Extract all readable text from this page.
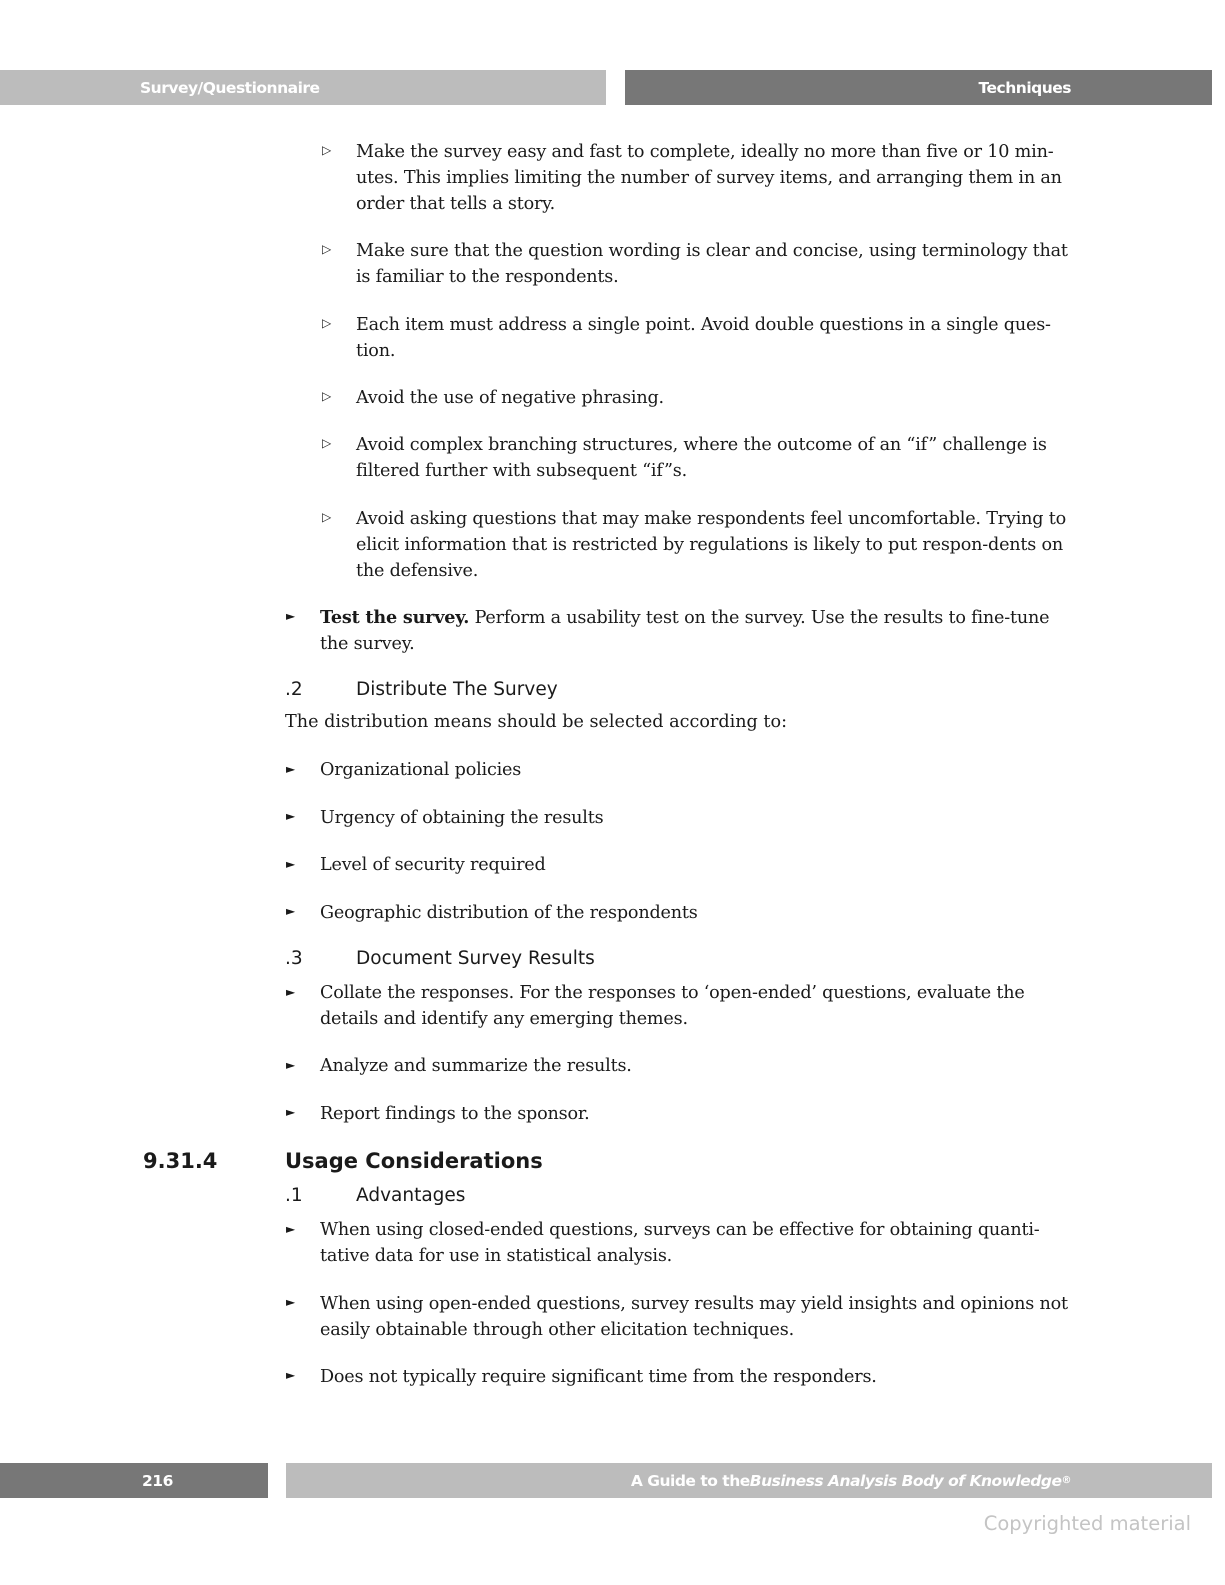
Survey/Questionnaire	Techniques
▷ Make the survey easy and fast to complete, ideally no more than five or 10 min-utes. This implies limiting the number of survey items, and arranging them in an order that tells a story.
▷ Make sure that the question wording is clear and concise, using terminology that is familiar to the respondents.
▷ Each item must address a single point. Avoid double questions in a single ques-tion.
▷ Avoid the use of negative phrasing.
▷ Avoid complex branching structures, where the outcome of an “if” challenge is filtered further with subsequent “if”s.
▷ Avoid asking questions that may make respondents feel uncomfortable. Trying to elicit information that is restricted by regulations is likely to put respon-dents on the defensive.
► Test the survey. Perform a usability test on the survey. Use the results to fine-tune the survey.
.2	Distribute The Survey
The distribution means should be selected according to:
► Organizational policies
► Urgency of obtaining the results
► Level of security required
► Geographic distribution of the respondents
.3	Document Survey Results
► Collate the responses. For the responses to ‘open-ended’ questions, evaluate the details and identify any emerging themes.
► Analyze and summarize the results.
► Report findings to the sponsor.
9.31.4	Usage Considerations
.1	Advantages
► When using closed-ended questions, surveys can be effective for obtaining quanti-tative data for use in statistical analysis.
► When using open-ended questions, survey results may yield insights and opinions not easily obtainable through other elicitation techniques.
► Does not typically require significant time from the responders.
216	A Guide to the Business Analysis Body of Knowledge ®
Copyrighted material
